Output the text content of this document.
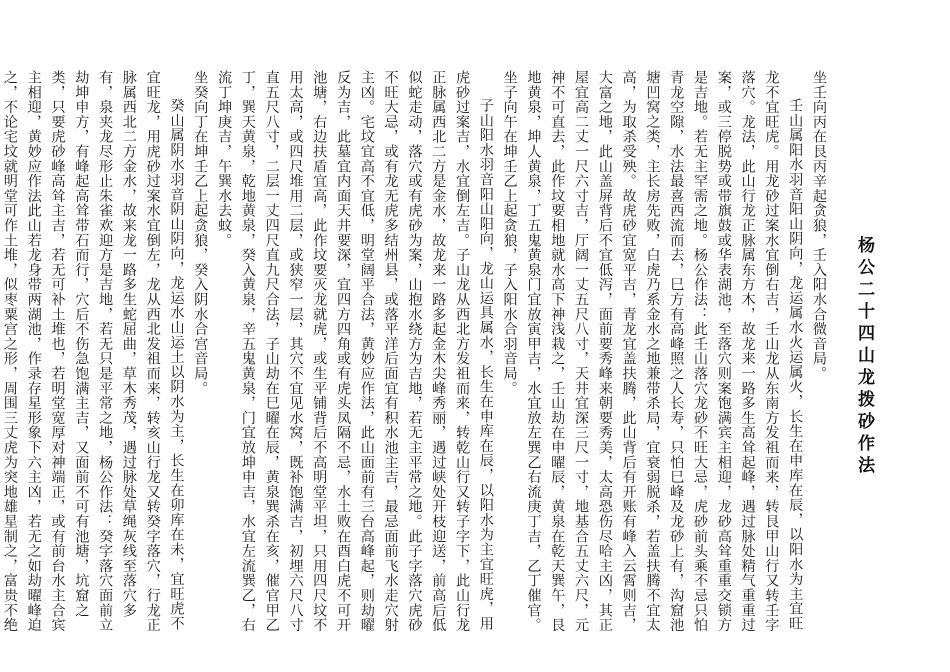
杨公二十四山龙拨砂作法
坐壬向丙在艮丙辛起贪狼，壬入阳水合微音局。
壬山属阳水羽音阳山阴向，龙运属水火运属火，长生在申库在辰，以阳水为主宜旺龙不宜旺虎。用龙砂过案水宜倒右吉，壬山龙从东南方发祖而来，转艮甲山行又转壬字落穴。龙法，此山行龙正脉属东方木，故龙来一路多生高耸起峰，遇过脉处精气重重过案，或三停脱势或带旗鼓或华表湖池，至落穴则案饱满宾主相迎，龙砂高耸重重交锁方是吉地。若无主罕需之地。杨公作法：此壬山落穴龙砂不旺大忌，虎砂前头乘不忌只怕青龙空隙，水法最喜西流而去，巳方有高峰照之人长寿，只怕巳峰及龙砂上有，沟窟池塘凹窝之类，主长房先败，白虎乃系金水之地兼带杀局，宜衰弱脱杀，若盖扶腾不宜太高，为取杀受殃。故虎砂宜宽平吉，青龙宜盖扶腾，此山背后有开账有峰入云霄则吉，大富之地，此山盖屏背后不宜低泻，面前要秀峰来朝要秀美，太高恐伤尽哈主凶，其正屋宜高二丈一尺六寸吉，厅阔一丈五尺八寸，天井宜深三尺一寸，地基合五丈六尺，元神不可直去，此作坟要相地就水高下神浅栽之，壬山劫在申曜辰，黄泉在乾天巽午，艮地黄泉，坤人黄泉，丁五鬼黄泉门宜放寅甲吉，水宜放左巽乙右流庚丁吉，乙丁催官。
坐子向午在坤壬乙上起贪狼，子入阳水合羽音局。
子山阳水羽音阳山阳向，龙山运具属水，长生在申库在辰，以阳水为主宜旺虎，用虎砂过案吉，水宜倒左吉。子山龙从西北方发祖而来，转乾山行又转子字下，此山行龙正脉属西北二方是金水，故龙来一路多起金木尖峰秀丽，遇过峡处开枝迎送，前高后低似蛇走动，落穴或有虎砂为案，山抱水绕方为吉地，若无主平常之地。此子字落穴虎砂不旺大忌，或有龙无虎多结州县，或落平洋后面宜有积水池主吉，最忌面前飞水走穴射主凶。宅坟宜高不宜低，明堂阔平合法，黄妙应作法，此山面前有三台高峰起，则劫曜反为吉，此墓宜内面天井要深，宜四方四角或有虎头凤隔不忌，水土败在酉白虎不可开池塘，右边扶盾宜高，此作坟要灭龙就虎，或生平铺背后不高明堂平坦，只用四尺坟不用太高，或四尺堆用二层，或狭窄一层，其穴不宜见水窝，既补饱满吉，初埋六尺八寸直五尺八寸，二层一丈四尺直九尺合法，子山劫在巳曜在辰，黄泉巽杀在亥，催官甲乙丁，巽天黄泉，乾地黄泉，癸入黄泉，辛五鬼黄泉，门宜放坤申吉，水宜左流巽乙，右流丁坤庚吉，午巽水去蚊。
坐癸向丁在坤壬乙上起贪狼，癸入阴水合宫音局。
癸山属阴水羽音阴山阴向，龙运水山运土以阴水为主，长生在卯库在未，宜旺虎不宜旺龙，用虎砂过案水宜倒左，龙从西北发祖而来，转亥山行龙又转癸字落穴，行龙正脉属西北二方金水，故来龙一路多生蛇屈曲，草木秀茂，遇过脉处草绳灰线至落穴多有，泉夹龙尽形止朱雀欢迎方是吉地，若无只是平常之地，杨公作法：癸字落穴面前立劫坤申方，有峰起高耸带石而行，穴后不伤急饱满主吉，又面前不可有池塘，坑窟之类，只要虎砂峰高耸主吉，若无可补土堆也，若明堂宽厚对神端正，或有前台水主合宾主相迎，黄妙应作法此山若龙身带两湖池，作录存星形象下六主凶，若无之如劫曜峰迫之，不论宅坟就明堂可作土堆，似枣粟宫之形，周围三丈虎为突地雄星制之，富贵不绝
